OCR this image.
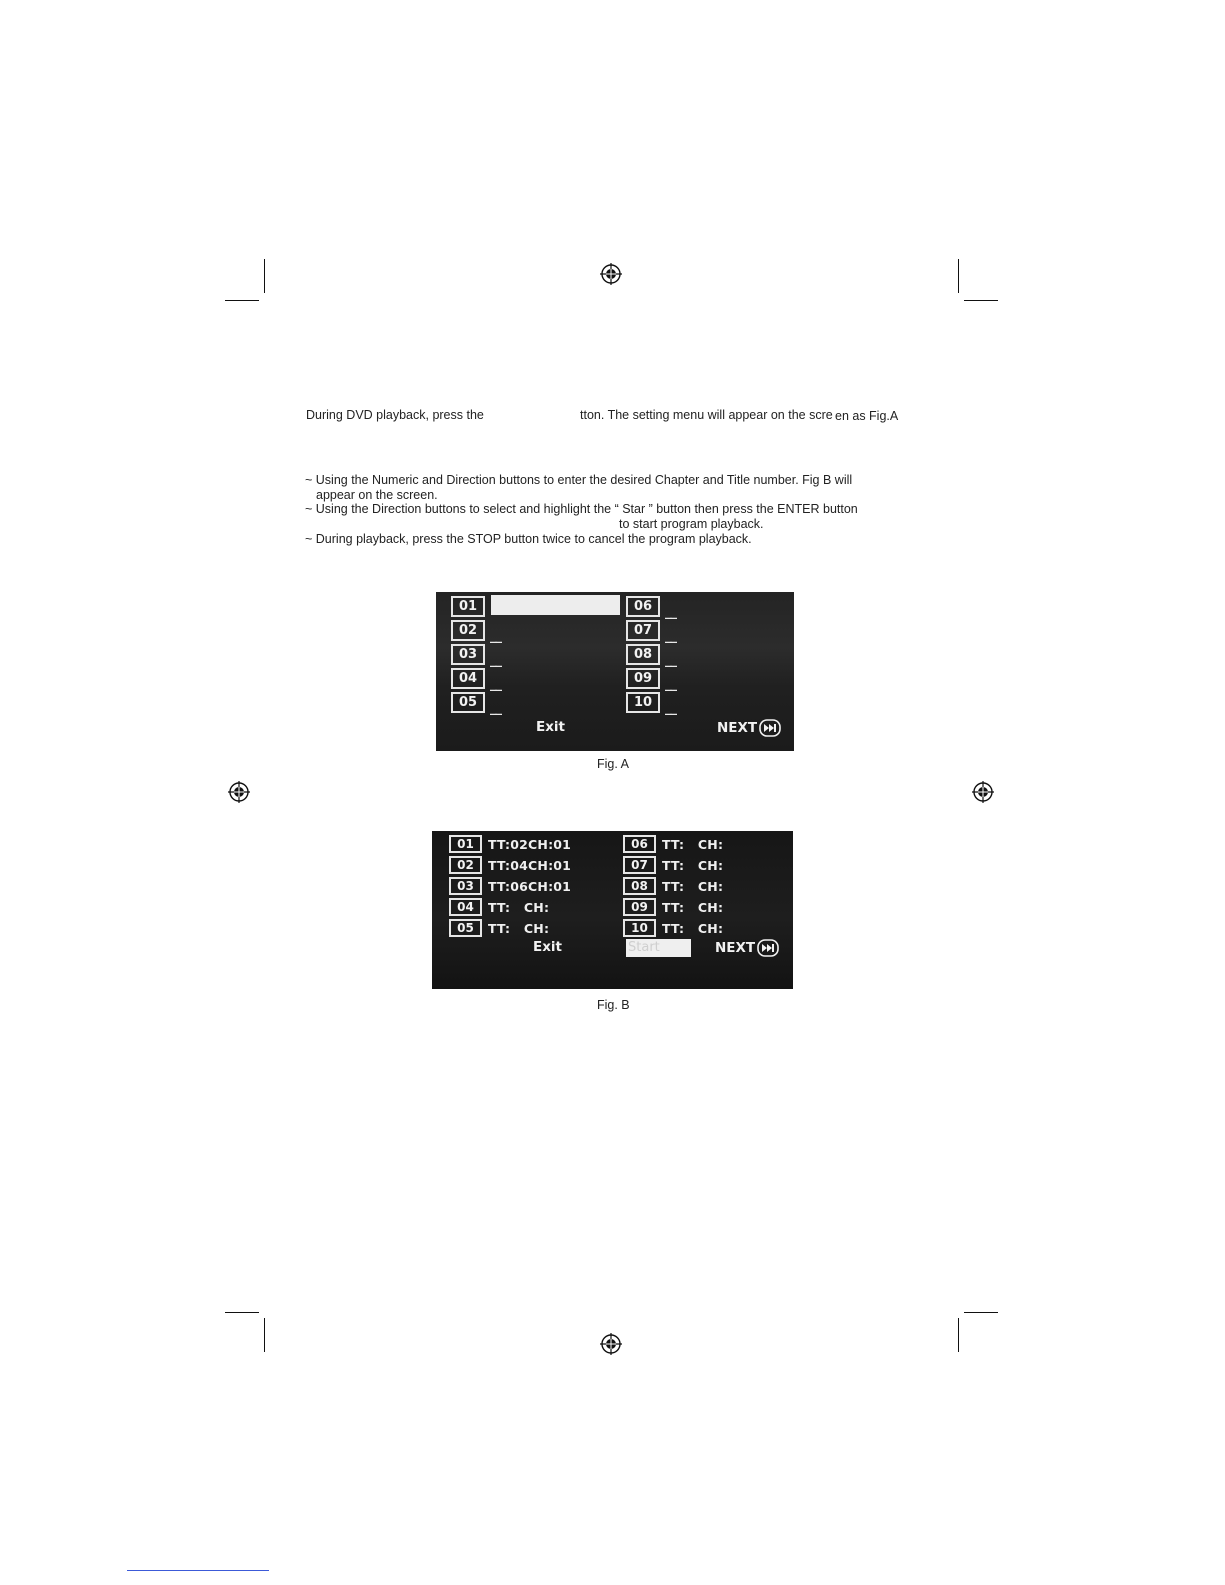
During DVD playback, press the	tton. The setting menu will appear on the scre en as Fig.A
~ Using the Numeric and Direction buttons to enter the desired Chapter and Title number. Fig B will
appear on the screen.
~ Using the Direction buttons to select and highlight the “ Star ” button then press the ENTER button
to start program playback.
~ During playback, press the STOP button twice to cancel the program playback.
01
02 __
03 __
04 __
05 __
06 __
07 __
08 __
09 __
10 __
Exit	NEXT
Fig. A
01	TT:02CH:01
02	TT:04CH:01
03	TT:06CH:01
04	TT:   CH:
05	TT:   CH:
06	TT:   CH:
07	TT:   CH:
08	TT:   CH:
09	TT:   CH:
10	TT:   CH:
Exit	Start	NEXT
Fig. B
